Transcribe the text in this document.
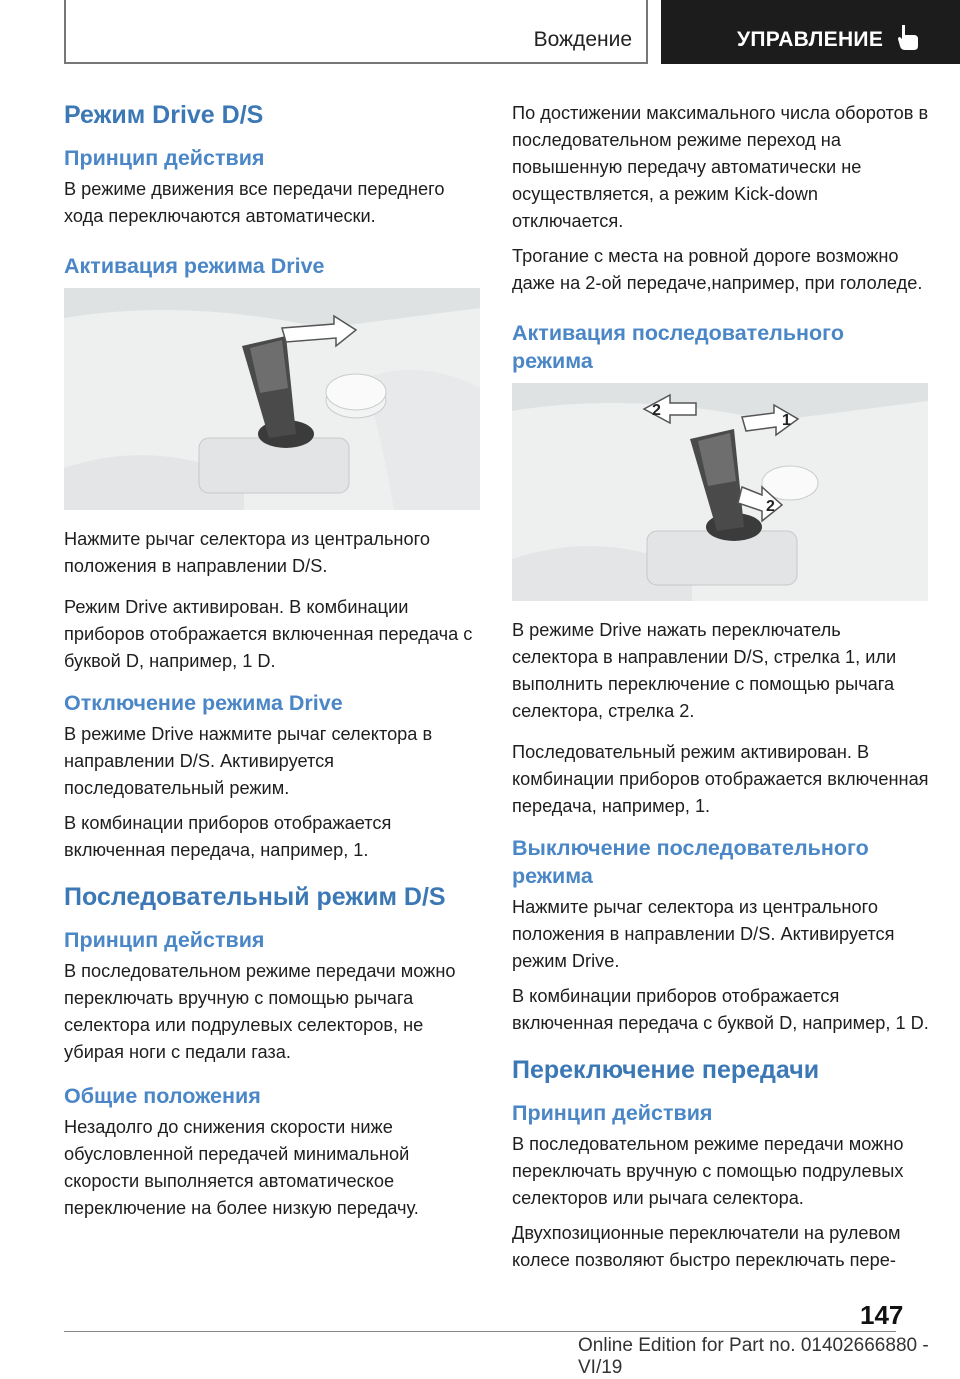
Вождение	УПРАВЛЕНИЕ
Режим Drive D/S
Принцип действия
В режиме движения все передачи переднего хода переключаются автоматически.
Активация режима Drive
Нажмите рычаг селектора из центрального положения в направлении D/S.
Режим Drive активирован. В комбинации приборов отображается включенная передача с буквой D, например, 1 D.
Отключение режима Drive
В режиме Drive нажмите рычаг селектора в направлении D/S. Активируется последовательный режим.
В комбинации приборов отображается включенная передача, например, 1.
Последовательный режим D/S
Принцип действия
В последовательном режиме передачи можно переключать вручную с помощью рычага селектора или подрулевых селекторов, не убирая ноги с педали газа.
Общие положения
Незадолго до снижения скорости ниже обусловленной передачей минимальной скорости выполняется автоматическое переключение на более низкую передачу.
По достижении максимального числа оборотов в последовательном режиме переход на повышенную передачу автоматически не осуществляется, а режим Kick-down отключается.
Трогание с места на ровной дороге возможно даже на 2-ой передаче,например, при гололеде.
Активация последовательного режима
1
2
2
В режиме Drive нажать переключатель селектора в направлении D/S, стрелка 1, или выполнить переключение с помощью рычага селектора, стрелка 2.
Последовательный режим активирован. В комбинации приборов отображается включенная передача, например, 1.
Выключение последовательного режима
Нажмите рычаг селектора из центрального положения в направлении D/S. Активируется режим Drive.
В комбинации приборов отображается включенная передача с буквой D, например, 1 D.
Переключение передачи
Принцип действия
В последовательном режиме передачи можно переключать вручную с помощью подрулевых селекторов или рычага селектора.
Двухпозиционные переключатели на рулевом колесе позволяют быстро переключать пере-
147
Online Edition for Part no. 01402666880 - VI/19
